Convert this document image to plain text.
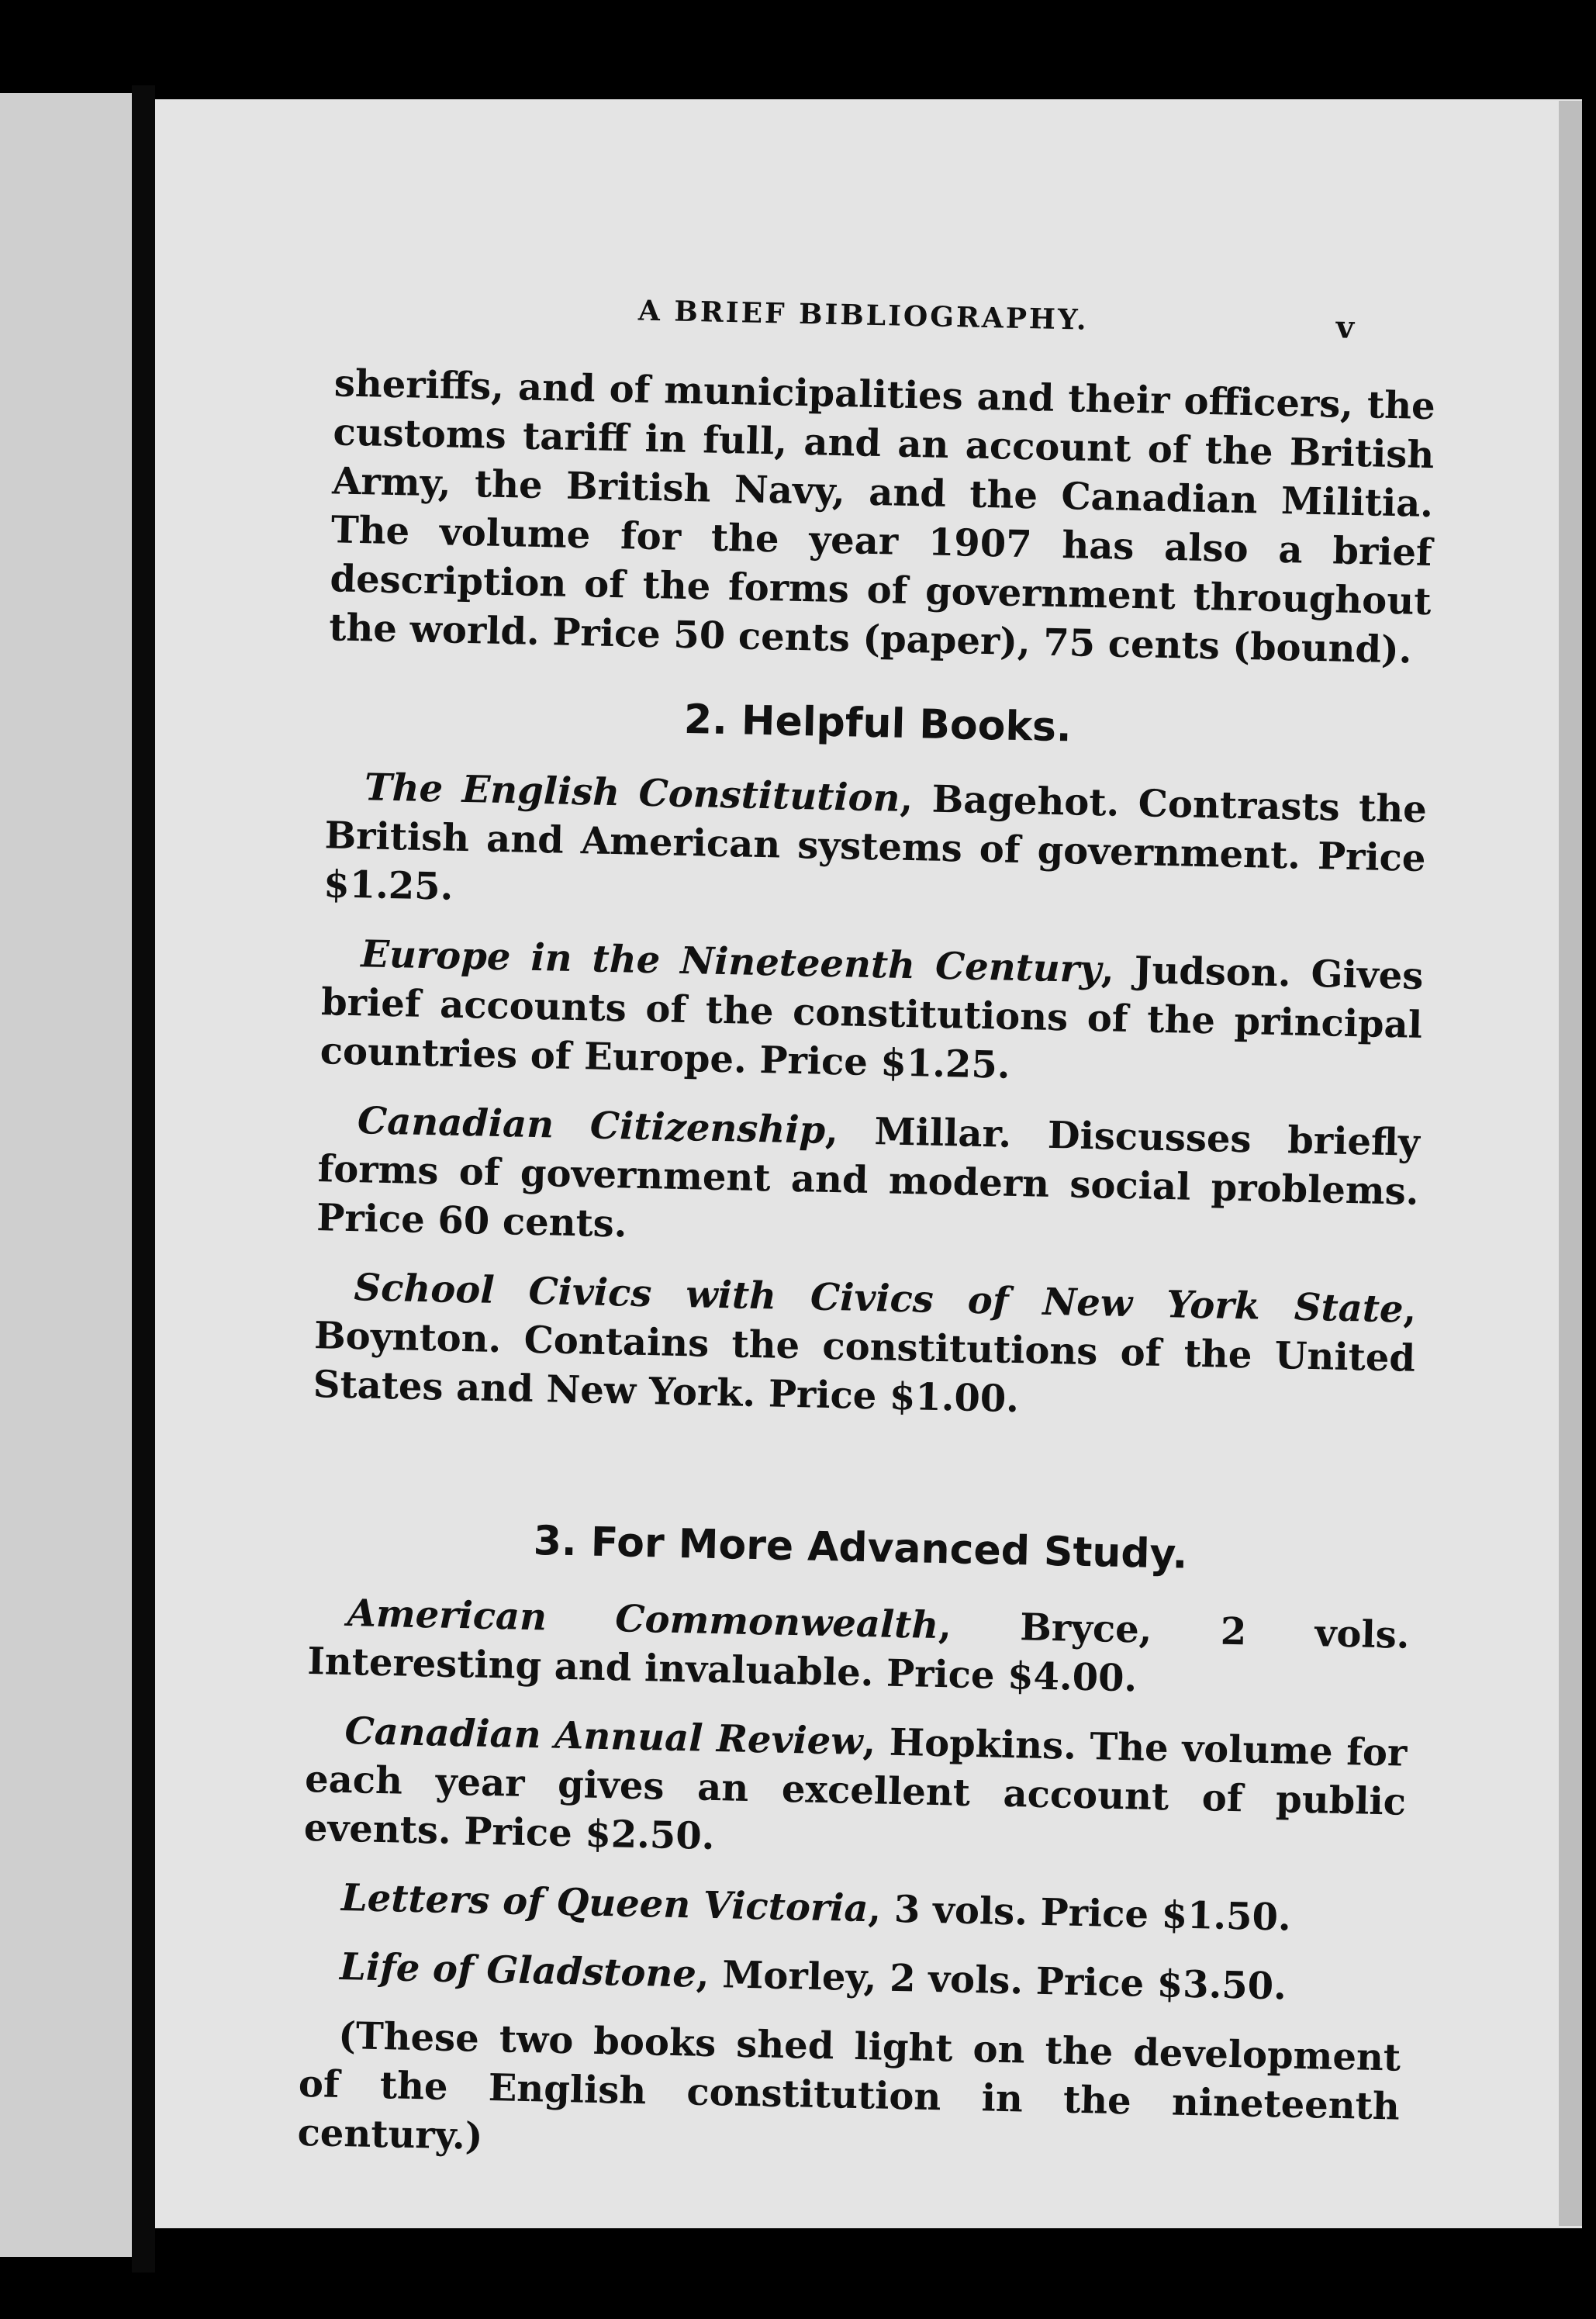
A BRIEF BIBLIOGRAPHY.	v

sheriffs, and of municipalities and their officers, the customs tariff in full, and an account of the British Army, the British Navy, and the Canadian Militia. The volume for the year 1907 has also a brief description of the forms of government throughout the world. Price 50 cents (paper), 75 cents (bound).

2. Helpful Books.

The English Constitution, Bagehot. Contrasts the British and American systems of government. Price $1.25.

Europe in the Nineteenth Century, Judson. Gives brief accounts of the constitutions of the principal countries of Europe. Price $1.25.

Canadian Citizenship, Millar. Discusses briefly forms of government and modern social problems. Price 60 cents.

School Civics with Civics of New York State, Boynton. Contains the constitutions of the United States and New York. Price $1.00.

3. For More Advanced Study.

American Commonwealth, Bryce, 2 vols. Interesting and invaluable. Price $4.00.

Canadian Annual Review, Hopkins. The volume for each year gives an excellent account of public events. Price $2.50.

Letters of Queen Victoria, 3 vols. Price $1.50.

Life of Gladstone, Morley, 2 vols. Price $3.50.

(These two books shed light on the development of the English constitution in the nineteenth century.)
